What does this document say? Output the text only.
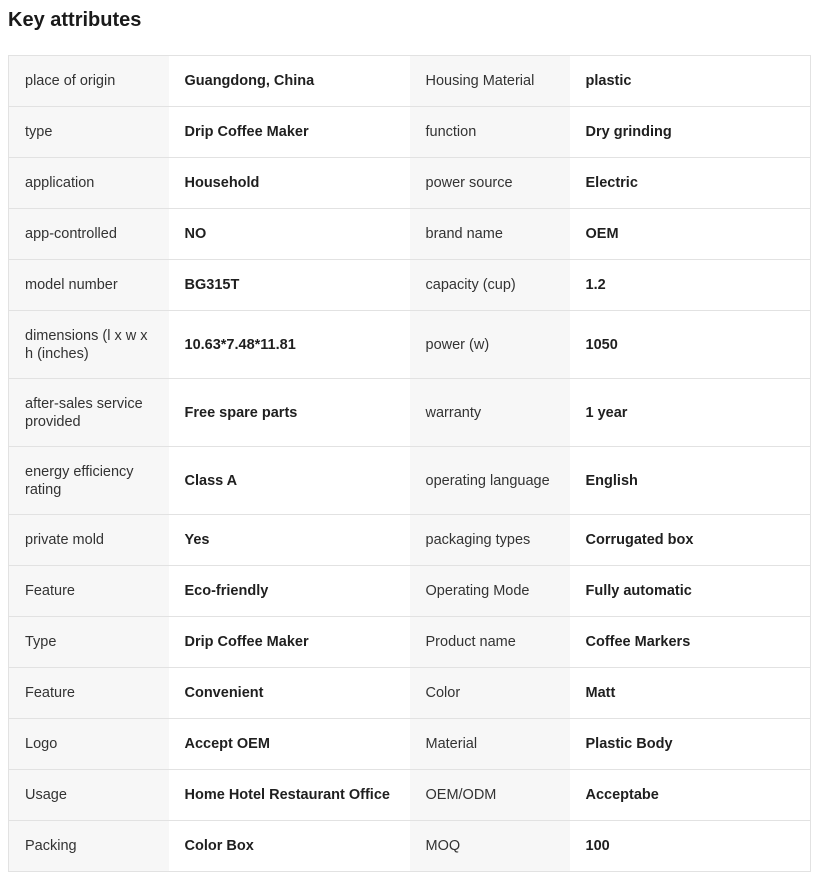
Key attributes
place of origin	Guangdong, China	Housing Material	plastic
type	Drip Coffee Maker	function	Dry grinding
application	Household	power source	Electric
app-controlled	NO	brand name	OEM
model number	BG315T	capacity (cup)	1.2
dimensions (l x w x h (inches)	10.63*7.48*11.81	power (w)	1050
after-sales service provided	Free spare parts	warranty	1 year
energy efficiency rating	Class A	operating language	English
private mold	Yes	packaging types	Corrugated box
Feature	Eco-friendly	Operating Mode	Fully automatic
Type	Drip Coffee Maker	Product name	Coffee Markers
Feature	Convenient	Color	Matt
Logo	Accept OEM	Material	Plastic Body
Usage	Home Hotel Restaurant Office	OEM/ODM	Acceptabe
Packing	Color Box	MOQ	100
